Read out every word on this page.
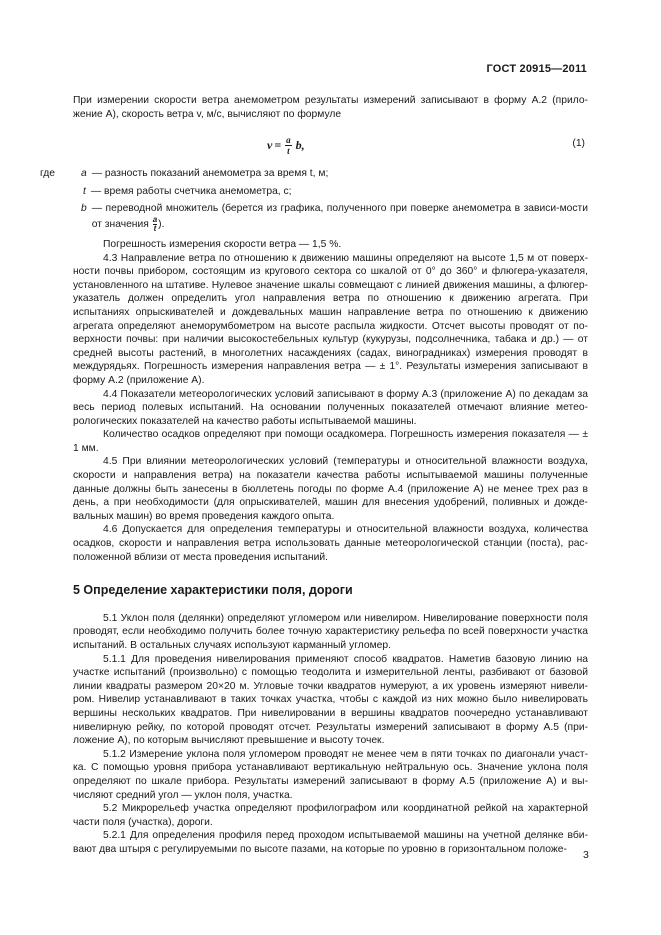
ГОСТ 20915—2011

При измерении скорости ветра анемометром результаты измерений записывают в форму А.2 (прило-жение А), скорость ветра v, м/с, вычисляют по формуле

$v = \frac{a}{t} b$,	(1)
где	a — разность показаний анемометра за время t, м;
t — время работы счетчика анемометра, с;
b — переводной множитель (берется из графика, полученного при поверке анемометра в зависи-мости от значения $\frac{a}{t}$ ).

Погрешность измерения скорости ветра — 1,5 %.

4.3 Направление ветра по отношению к движению машины определяют на высоте 1,5 м от поверх-ности почвы прибором, состоящим из кругового сектора со шкалой от 0° до 360° и флюгера-указателя, установленного на штативе. Нулевое значение шкалы совмещают с линией движения машины, а флюгер-указатель должен определить угол направления ветра по отношению к движению агрегата. При испытаниях опрыскивателей и дождевальных машин направление ветра по отношению к движению агрегата определяют анеморумбометром на высоте распыла жидкости. Отсчет высоты проводят от по-верхности почвы: при наличии высокостебельных культур (кукурузы, подсолнечника, табака и др.) — от средней высоты растений, в многолетних насаждениях (садах, виноградниках) измерения проводят в междурядьях. Погрешность измерения направления ветра — ± 1°. Результаты измерения записывают в форму А.2 (приложение А).

4.4 Показатели метеорологических условий записывают в форму А.3 (приложение А) по декадам за весь период полевых испытаний. На основании полученных показателей отмечают влияние метео-рологических показателей на качество работы испытываемой машины.

Количество осадков определяют при помощи осадкомера. Погрешность измерения показателя — ± 1 мм.

4.5 При влиянии метеорологических условий (температуры и относительной влажности воздуха, скорости и направления ветра) на показатели качества работы испытываемой машины полученные данные должны быть занесены в бюллетень погоды по форме А.4 (приложение А) не менее трех раз в день, а при необходимости (для опрыскивателей, машин для внесения удобрений, поливных и дожде-вальных машин) во время проведения каждого опыта.

4.6 Допускается для определения температуры и относительной влажности воздуха, количества осадков, скорости и направления ветра использовать данные метеорологической станции (поста), рас-положенной вблизи от места проведения испытаний.

5 Определение характеристики поля, дороги

5.1 Уклон поля (делянки) определяют угломером или нивелиром. Нивелирование поверхности поля проводят, если необходимо получить более точную характеристику рельефа по всей поверхности участка испытаний. В остальных случаях используют карманный угломер.

5.1.1 Для проведения нивелирования применяют способ квадратов. Наметив базовую линию на участке испытаний (произвольно) с помощью теодолита и измерительной ленты, разбивают от базовой линии квадраты размером 20×20 м. Угловые точки квадратов нумеруют, а их уровень измеряют нивели-ром. Нивелир устанавливают в таких точках участка, чтобы с каждой из них можно было нивелировать вершины нескольких квадратов. При нивелировании в вершины квадратов поочередно устанавливают нивелирную рейку, по которой проводят отсчет. Результаты измерений записывают в форму А.5 (при-ложение А), по которым вычисляют превышение и высоту точек.

5.1.2 Измерение уклона поля угломером проводят не менее чем в пяти точках по диагонали участ-ка. С помощью уровня прибора устанавливают вертикальную нейтральную ось. Значение уклона поля определяют по шкале прибора. Результаты измерений записывают в форму А.5 (приложение А) и вы-числяют средний угол — уклон поля, участка.

5.2 Микрорельеф участка определяют профилографом или координатной рейкой на характерной части поля (участка), дороги.

5.2.1 Для определения профиля перед проходом испытываемой машины на учетной делянке вби-вают два штыря с регулируемыми по высоте пазами, на которые по уровню в горизонтальном положе-	3
